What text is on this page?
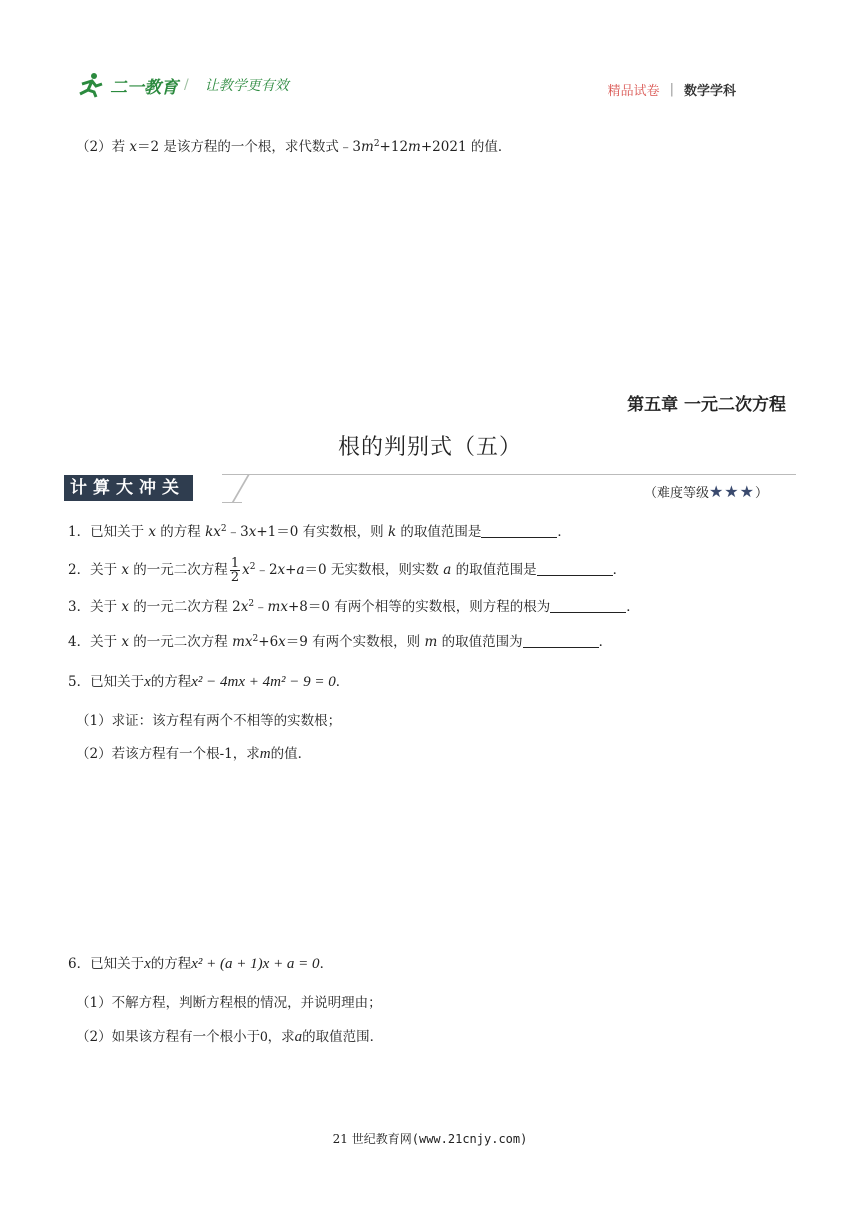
二一教育 / 让教学更有效	精品试卷 | 数学学科
（2）若 x＝2 是该方程的一个根，求代数式$﹣3m^2+12m+2021$ 的值．
第五章 一元二次方程
根的判别式（五）
计算大冲关	（难度等级★★★）
1．已知关于 x 的方程 $kx^2﹣3x+1=0$ 有实数根，则 k 的取值范围是	．
2．关于 x 的一元二次方程 $\frac{1}{2}$ $x^2﹣2x+a=0$ 无实数根，则实数 a 的取值范围是	．
3．关于 x 的一元二次方程 $2x^2﹣mx+8=0$ 有两个相等的实数根，则方程的根为	．
4．关于 x 的一元二次方程 $mx^2+6x=9$ 有两个实数根，则 m 的取值范围为	．
5．已知关于x的方程x² − 4mx + 4m² − 9 = 0．
（1）求证：该方程有两个不相等的实数根；
（2）若该方程有一个根-1，求m的值．
6．已知关于x的方程x² + (a + 1)x + a = 0．
（1）不解方程，判断方程根的情况，并说明理由；
（2）如果该方程有一个根小于0，求a的取值范围．
21 世纪教育网(www.21cnjy.com)
